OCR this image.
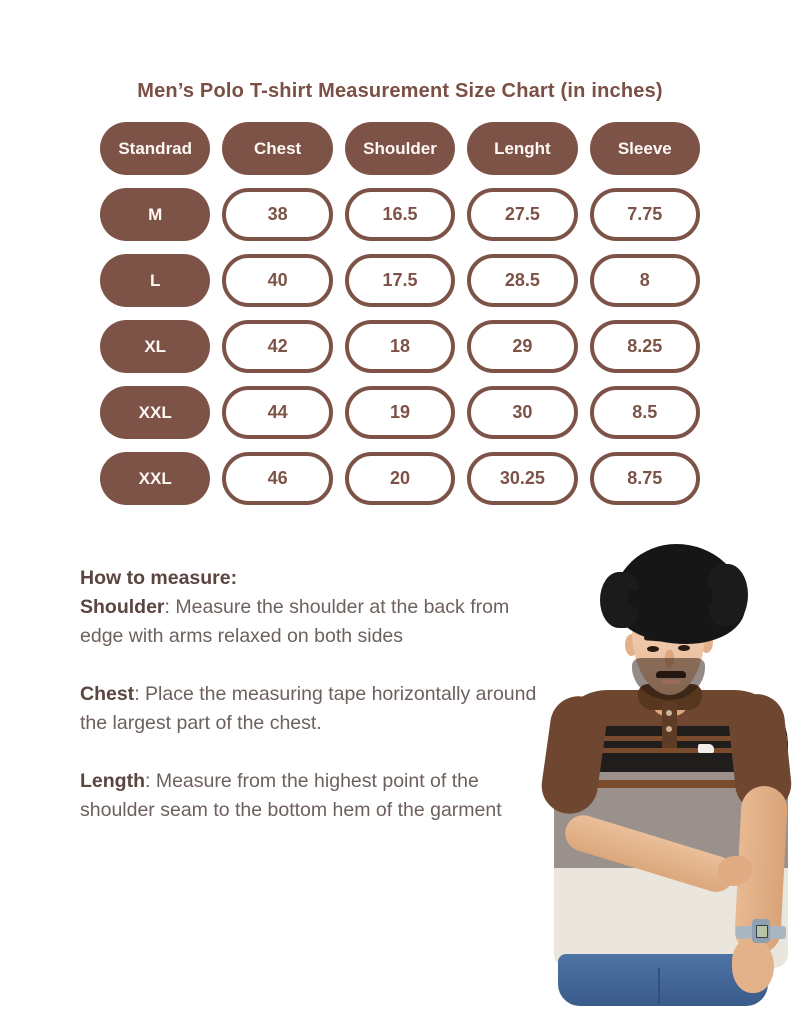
Men’s Polo T-shirt Measurement Size Chart (in inches)
Standrad	Chest	Shoulder	Lenght	Sleeve
M	38	16.5	27.5	7.75
L	40	17.5	28.5	8
XL	42	18	29	8.25
XXL	44	19	30	8.5
XXL	46	20	30.25	8.75

How to measure:

Shoulder: Measure the shoulder at the back from edge with arms relaxed on both sides

Chest: Place the measuring tape horizontally around the largest part of the chest.

Length: Measure from the highest point of the shoulder seam to the bottom hem of the garment
